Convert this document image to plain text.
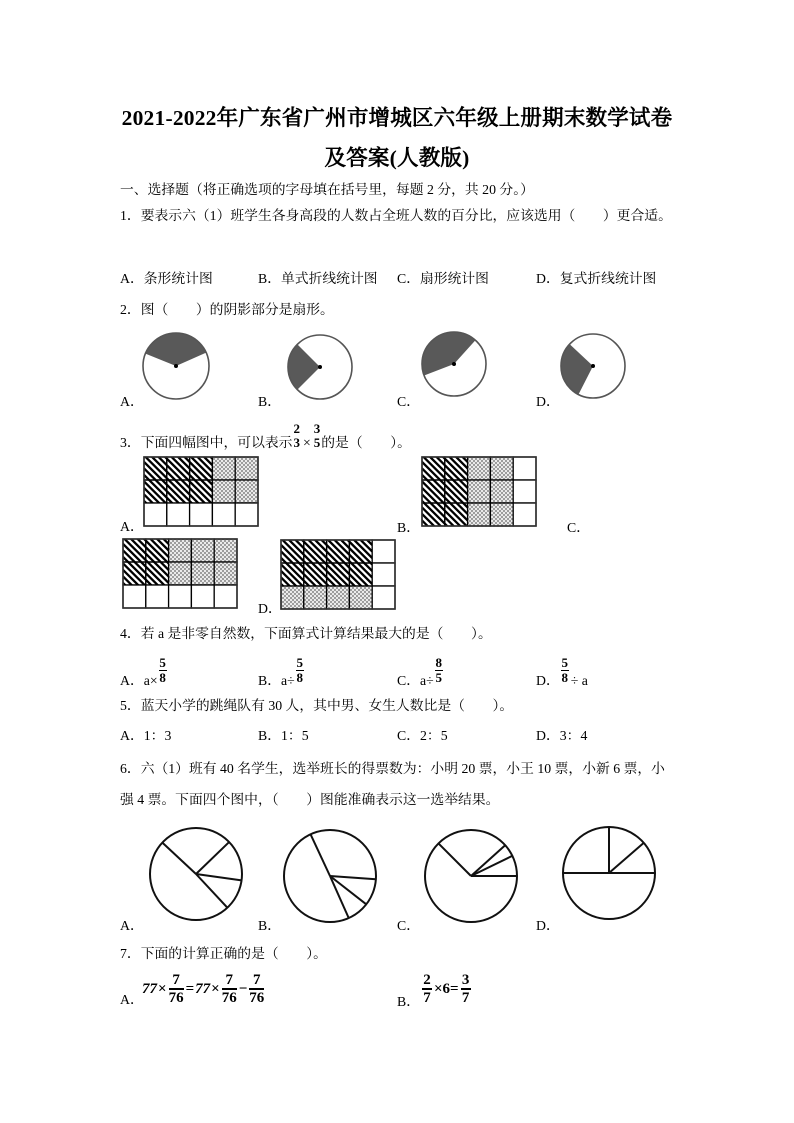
2021-2022年广东省广州市增城区六年级上册期末数学试卷
及答案(人教版)
一、选择题（将正确选项的字母填在括号里，每题 2 分，共 20 分。）
1．要表示六（1）班学生各身高段的人数占全班人数的百分比，应该选用（　　）更合适。
A．条形统计图	B．单式折线统计图 C．扇形统计图	D．复式折线统计图
2．图（　　）的阴影部分是扇形。
A．	B．	C．	D．
3．下面四幅图中，可以表示
2
3 ×
3
5 的是（　　）。
A．	B．	C．
D．
4．若 a 是非零自然数，下面算式计算结果最大的是（　　）。
A． $a\times \frac{5}{8}$	B． $a\div \frac{5}{8}$	C． $a\div \frac{8}{5}$	D． $\frac{5}{8} \div a$
5．蓝天小学的跳绳队有 30 人，其中男、女生人数比是（　　）。
A．1：3	B．1：5	C．2：5	D．3：4
6．六（1）班有 40 名学生，选举班长的得票数为：小明 20 票，小王 10 票，小新 6 票，小
强 4 票。下面四个图中，（　　）图能准确表示这一选举结果。
A．	B．	C．	D．
7．下面的计算正确的是（　　）。
A．
$77 \times \frac{7}{76} = 77 \times \frac{7}{76} - \frac{7}{76}$	B． $\frac{2}{7} \times 6= \frac{3}{7}$
